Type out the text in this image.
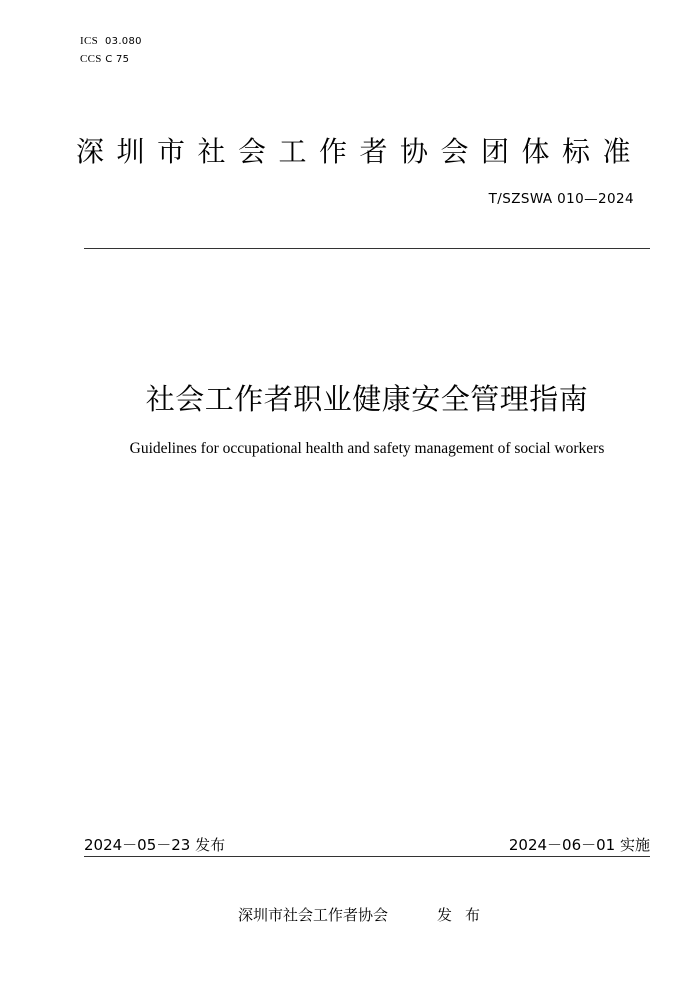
ICS 03.080
CCS C 75
深圳市社会工作者协会团体标准
T/SZSWA 010—2024
社会工作者职业健康安全管理指南
Guidelines for occupational health and safety management of social workers
2024－05－23 发布	2024－06－01 实施
深圳市社会工作者协会	发布
